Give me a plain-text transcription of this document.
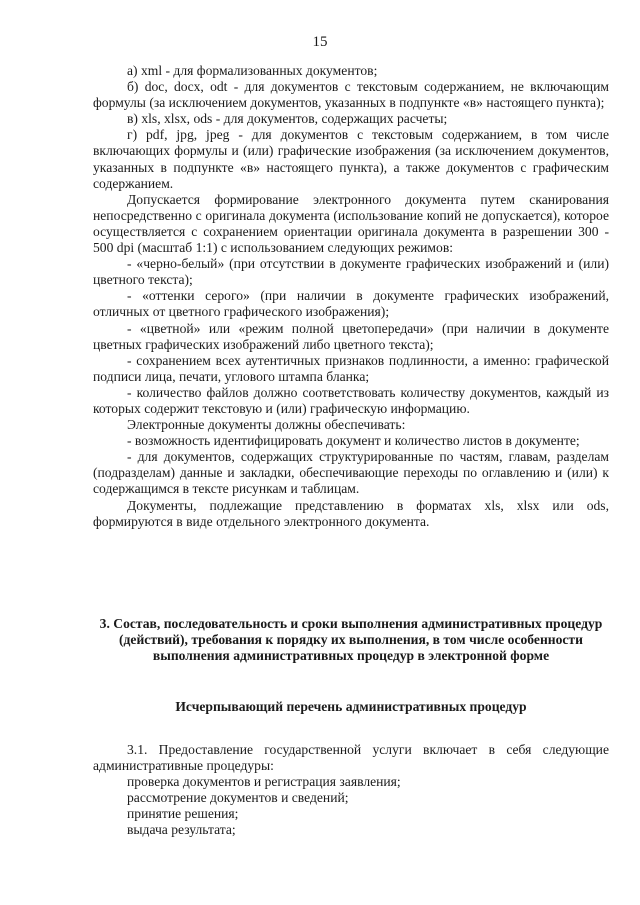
15

а) xml - для формализованных документов;

б) doc, docx, odt - для документов с текстовым содержанием, не включающим формулы (за исключением документов, указанных в подпункте «в» настоящего пункта);

в) xls, xlsx, ods - для документов, содержащих расчеты;

г) pdf, jpg, jpeg - для документов с текстовым содержанием, в том числе включающих формулы и (или) графические изображения (за исключением документов, указанных в подпункте «в» настоящего пункта), а также документов с графическим содержанием.

Допускается формирование электронного документа путем сканирования непосредственно с оригинала документа (использование копий не допускается), которое осуществляется с сохранением ориентации оригинала документа в разрешении 300 - 500 dpi (масштаб 1:1) с использованием следующих режимов:

- «черно-белый» (при отсутствии в документе графических изображений и (или) цветного текста);

- «оттенки серого» (при наличии в документе графических изображений, отличных от цветного графического изображения);

- «цветной» или «режим полной цветопередачи» (при наличии в документе цветных графических изображений либо цветного текста);

- сохранением всех аутентичных признаков подлинности, а именно: графической подписи лица, печати, углового штампа бланка;

- количество файлов должно соответствовать количеству документов, каждый из которых содержит текстовую и (или) графическую информацию.

Электронные документы должны обеспечивать:

- возможность идентифицировать документ и количество листов в документе;

- для документов, содержащих структурированные по частям, главам, разделам (подразделам) данные и закладки, обеспечивающие переходы по оглавлению и (или) к содержащимся в тексте рисункам и таблицам.

Документы, подлежащие представлению в форматах xls, xlsx или ods, формируются в виде отдельного электронного документа.

3. Состав, последовательность и сроки выполнения административных процедур (действий), требования к порядку их выполнения, в том числе особенности выполнения административных процедур в электронной форме
Исчерпывающий перечень административных процедур

3.1. Предоставление государственной услуги включает в себя следующие административные процедуры:

проверка документов и регистрация заявления;

рассмотрение документов и сведений;

принятие решения;

выдача результата;
